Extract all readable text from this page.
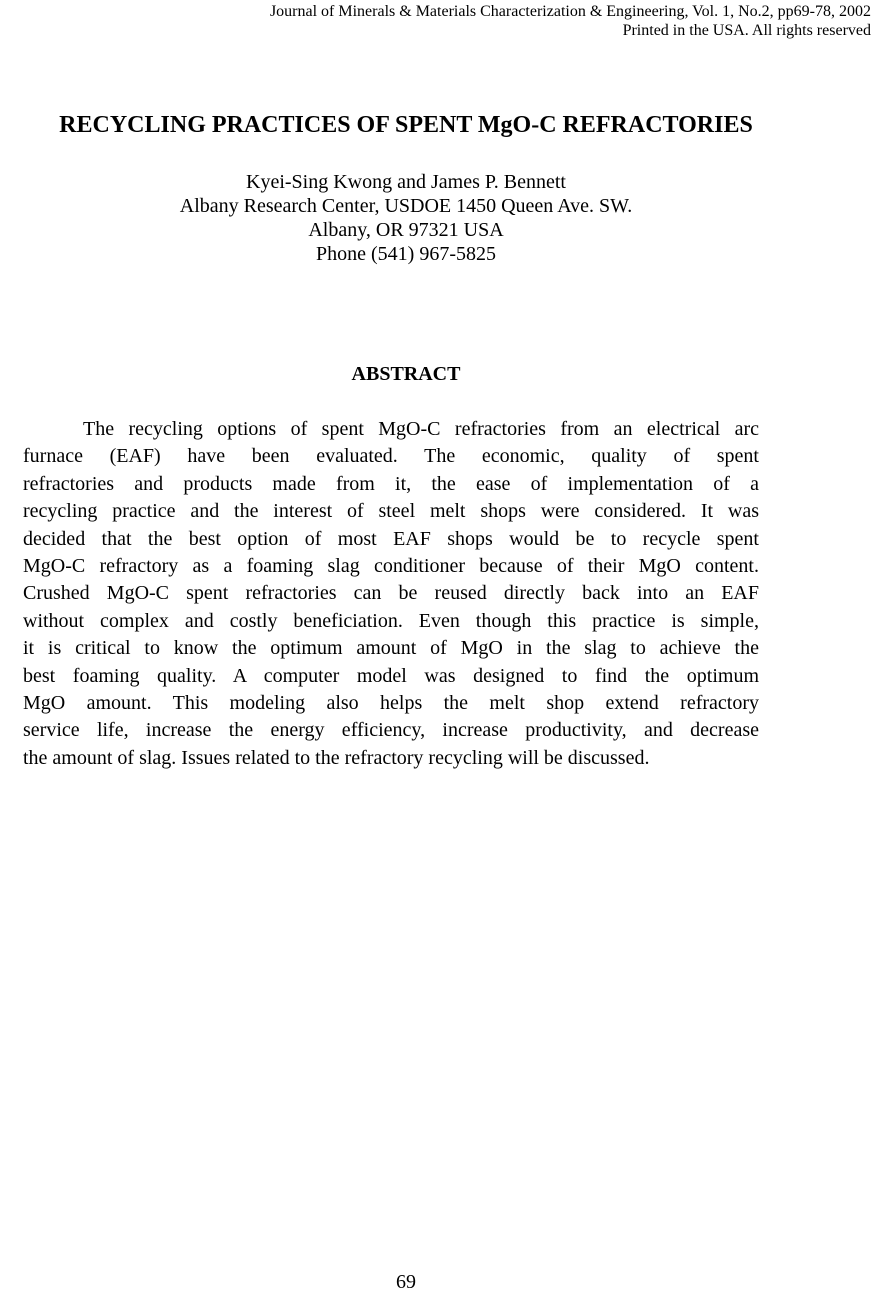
Journal of Minerals & Materials Characterization & Engineering, Vol. 1, No.2, pp69-78, 2002
Printed in the USA. All rights reserved
RECYCLING PRACTICES OF SPENT MgO-C REFRACTORIES
Kyei-Sing Kwong and James P. Bennett
Albany Research Center, USDOE 1450 Queen Ave. SW.
Albany, OR 97321 USA
Phone (541) 967-5825
ABSTRACT
The recycling options of spent MgO-C refractories from an electrical arc
furnace (EAF) have been evaluated. The economic, quality of spent
refractories and products made from it, the ease of implementation of a
recycling practice and the interest of steel melt shops were considered. It was
decided that the best option of most EAF shops would be to recycle spent
MgO-C refractory as a foaming slag conditioner because of their MgO content.
Crushed MgO-C spent refractories can be reused directly back into an EAF
without complex and costly beneficiation. Even though this practice is simple,
it is critical to know the optimum amount of MgO in the slag to achieve the
best foaming quality. A computer model was designed to find the optimum
MgO amount. This modeling also helps the melt shop extend refractory
service life, increase the energy efficiency, increase productivity, and decrease
the amount of slag. Issues related to the refractory recycling will be discussed.
69
